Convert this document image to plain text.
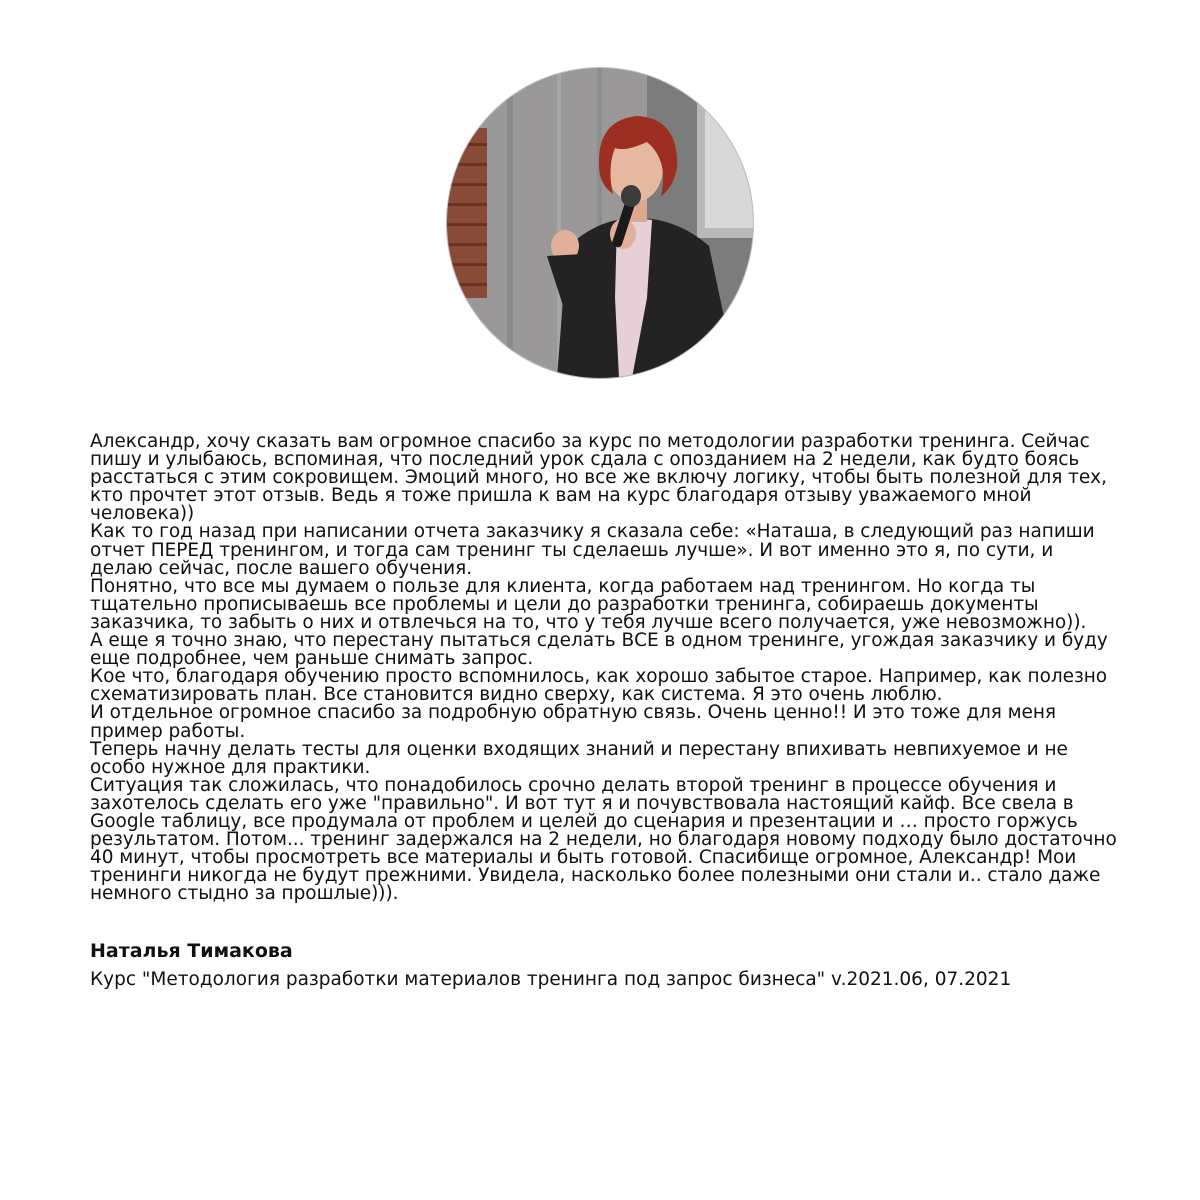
Александр, хочу сказать вам огромное спасибо за курс по методологии разработки тренинга. Сейчас пишу и улыбаюсь, вспоминая, что последний урок сдала с опозданием на 2 недели, как будто боясь расстаться с этим сокровищем. Эмоций много, но все же включу логику, чтобы быть полезной для тех, кто прочтет этот отзыв. Ведь я тоже пришла к вам на курс благодаря отзыву уважаемого мной человека))

Как то год назад при написании отчета заказчику я сказала себе: «Наташа, в следующий раз напиши отчет ПЕРЕД тренингом, и тогда сам тренинг ты сделаешь лучше». И вот именно это я, по сути, и делаю сейчас, после вашего обучения.

Понятно, что все мы думаем о пользе для клиента, когда работаем над тренингом. Но когда ты тщательно прописываешь все проблемы и цели до разработки тренинга, собираешь документы заказчика, то забыть о них и отвлечься на то, что у тебя лучше всего получается, уже невозможно)).

А еще я точно знаю, что перестану пытаться сделать ВСЕ в одном тренинге, угождая заказчику и буду еще подробнее, чем раньше снимать запрос.

Кое что, благодаря обучению просто вспомнилось, как хорошо забытое старое. Например, как полезно схематизировать план. Все становится видно сверху, как система. Я это очень люблю.

И отдельное огромное спасибо за подробную обратную связь. Очень ценно!! И это тоже для меня пример работы.

Теперь начну делать тесты для оценки входящих знаний и перестану впихивать невпихуемое и не особо нужное для практики.

Ситуация так сложилась, что понадобилось срочно делать второй тренинг в процессе обучения и захотелось сделать его уже "правильно". И вот тут я и почувствовала настоящий кайф. Все свела в Google таблицу, все продумала от проблем и целей до сценария и презентации и … просто горжусь результатом. Потом... тренинг задержался на 2 недели, но благодаря новому подходу было достаточно 40 минут, чтобы просмотреть все материалы и быть готовой. Спасибище огромное, Александр! Мои тренинги никогда не будут прежними. Увидела, насколько более полезными они стали и.. стало даже немного стыдно за прошлые))).

Наталья Тимакова
Курс "Методология разработки материалов тренинга под запрос бизнеса" v.2021.06, 07.2021
